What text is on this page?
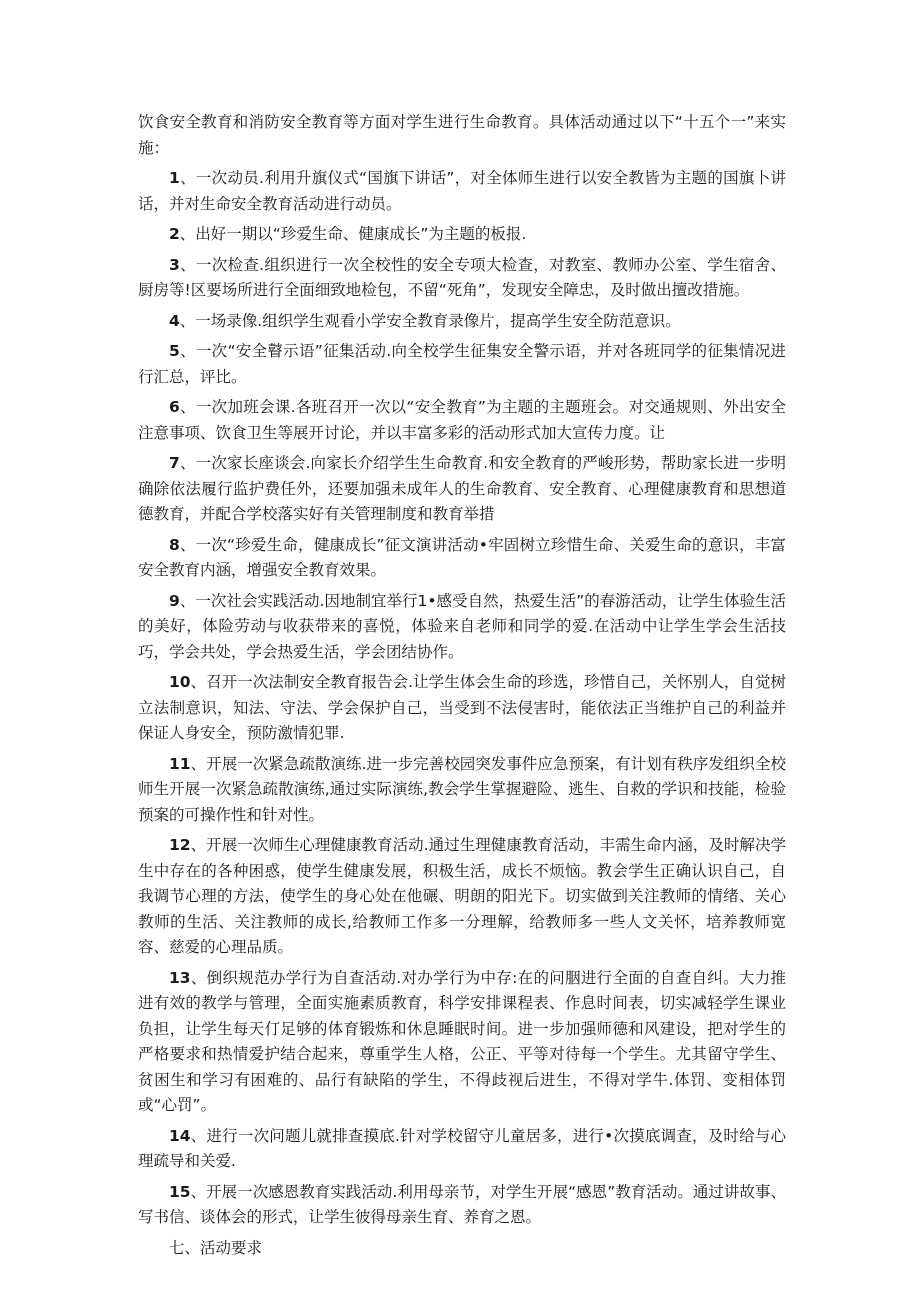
饮食安全教育和消防安全教育等方面对学生进行生命教育。具体活动通过以下“十五个一”来实施：

1、一次动员.利用升旗仪式“国旗下讲话”，对全体师生进行以安全教皆为主题的国旗卜讲话，并对生命安全教育活动进行动员。

2、出好一期以“珍爱生命、健康成长”为主题的板报.

3、一次检查.组织进行一次全校性的安全专项大检查，对教室、教师办公室、学生宿舍、厨房等!区要场所进行全面细致地检包，不留“死角”，发现安全障忠，及时做出擅改措施。

4、一场录像.组织学生观看小学安全教育录像片，提高学生安全防范意识。

5、一次“安全瞽示语”征集活动.向全校学生征集安全警示语，并对各班同学的征集情况进行汇总，评比。

6、一次加班会课.各班召开一次以“安全教育”为主题的主题班会。对交通规则、外出安全注意事项、饮食卫生等展开讨论，并以丰富多彩的活动形式加大宣传力度。让

7、一次家长座谈会.向家长介绍学生生命教育.和安全教育的严峻形势，帮助家长进一步明确除依法履行监护费任外，还要加强未成年人的生命教育、安全教育、心理健康教育和思想道德教育，并配合学校落实好有关管理制度和教育举措

8、一次“珍爱生命，健康成长”征文演讲活动•牢固树立珍惜生命、关爱生命的意识，丰富安全教育内涵，增强安全教育效果。

9、一次社会实践活动.因地制宜举行1•感受自然，热爱生活”的春游活动，让学生体验生活的美好，体险劳动与收获带来的喜悦，体验来自老师和同学的爱.在活动中让学生学会生活技巧，学会共处，学会热爱生活，学会团结协作。

10、召开一次法制安全教育报告会.让学生体会生命的珍选，珍惜自己，关怀别人，自觉树立法制意识，知法、守法、学会保护自己，当受到不法侵害时，能依法正当维护自己的利益并保证人身安全，预防激情犯罪.

11、开展一次紧急疏散演练.进一步完善校园突发事件应急预案，有计划有秩序发组织全校师生开展一次紧急疏散演练,通过实际演练,教会学生掌握避险、逃生、自救的学识和技能，检验预案的可操作性和针对性。

12、开展一次师生心理健康教育活动.通过生理健康教育活动，丰需生命内涵，及时解决学生中存在的各种困惑，使学生健康发展，积极生活，成长不烦恼。教会学生正确认识自己，自我调节心理的方法，使学生的身心处在他碾、明朗的阳光下。切实做到关注教师的情绪、关心教师的生活、关注教师的成长,给教师工作多一分理解，给教师多一些人文关怀，培养教师宽容、慈爱的心理品质。

13、倒织规范办学行为自查活动.对办学行为中存:在的问胭进行全面的自查自纠。大力推进有效的教学与管理，全面实施素质教育，科学安排课程表、作息时间表，切实减轻学生课业负担，让学生每天仃足够的体育锻炼和休息睡眠时间。进一步加强师德和风建设，把对学生的严格要求和热情爱护结合起来，尊重学生人格，公正、平等对待每一个学生。尤其留守学生、贫困生和学习有困难的、品行有缺陷的学生，不得歧视后进生，不得对学牛.体罚、变相体罚或“心罚”。

14、进行一次问题儿就排查摸底.针对学校留守儿童居多，进行•次摸底调查，及时给与心理疏导和关爱.

15、开展一次感恩教育实践活动.利用母亲节，对学生开展“感恩”教育活动。通过讲故事、写书信、谈体会的形式，让学生彼得母亲生育、养育之恩。

七、活动要求
